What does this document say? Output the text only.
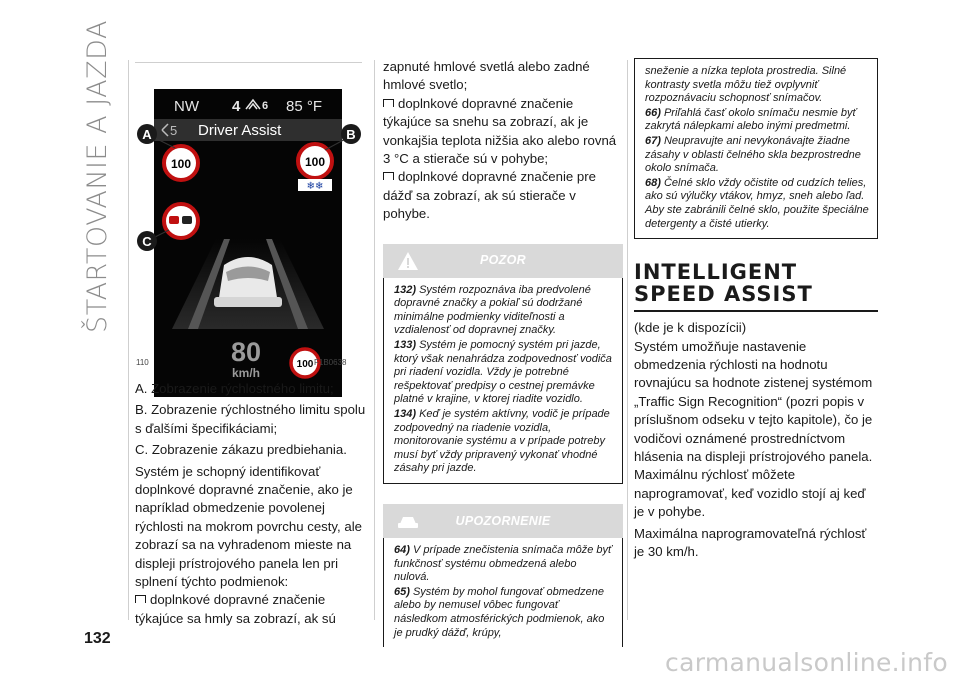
ŠTARTOVANIE A JAZDA	NW 4 6 85 °F
5 Driver Assist
100	100
❄❄
80
km/h
100
A	B
C
110	F1B0638

A. Zobrazenie rýchlostného limitu;

B. Zobrazenie rýchlostného limitu spolu s ďalšími špecifikáciami;

C. Zobrazenie zákazu predbiehania.

Systém je schopný identifikovať doplnkové dopravné značenie, ako je napríklad obmedzenie povolenej rýchlosti na mokrom povrchu cesty, ale zobrazí sa na vyhradenom mieste na displeji prístrojového panela len pri splnení týchto podmienok:

doplnkové dopravné značenie týkajúce sa hmly sa zobrazí, ak sú

zapnuté hmlové svetlá alebo zadné hmlové svetlo;

doplnkové dopravné značenie týkajúce sa snehu sa zobrazí, ak je vonkajšia teplota nižšia ako alebo rovná 3 °C a stierače sú v pohybe;

doplnkové dopravné značenie pre dážď sa zobrazí, ak sú stierače v pohybe.

POZOR

132) Systém rozpoznáva iba predvolené dopravné značky a pokiaľ sú dodržané minimálne podmienky viditeľnosti a vzdialenosť od dopravnej značky.

133) Systém je pomocný systém pri jazde, ktorý však nenahrádza zodpovednosť vodiča pri riadení vozidla. Vždy je potrebné rešpektovať predpisy o cestnej premávke platné v krajine, v ktorej riadite vozidlo.

134) Keď je systém aktívny, vodič je prípade zodpovedný na riadenie vozidla, monitorovanie systému a v prípade potreby musí byť vždy pripravený vykonať vhodné zásahy pri jazde.

UPOZORNENIE

64) V prípade znečistenia snímača môže byť funkčnosť systému obmedzená alebo nulová.

65) Systém by mohol fungovať obmedzene alebo by nemusel vôbec fungovať následkom atmosférických podmienok, ako je prudký dážď, krúpy,

sneženie a nízka teplota prostredia. Silné kontrasty svetla môžu tiež ovplyvniť rozpoznávaciu schopnosť snímačov.

66) Priľahlá časť okolo snímaču nesmie byť zakrytá nálepkami alebo inými predmetmi.

67) Neupravujte ani nevykonávajte žiadne zásahy v oblasti čelného skla bezprostredne okolo snímača.

68) Čelné sklo vždy očistite od cudzích telies, ako sú výlučky vtákov, hmyz, sneh alebo ľad. Aby ste zabránili čelné sklo, použite špeciálne detergenty a čisté utierky.

INTELLIGENT SPEED ASSIST

(kde je k dispozícii)

Systém umožňuje nastavenie obmedzenia rýchlosti na hodnotu rovnajúcu sa hodnote zistenej systémom „Traffic Sign Recognition“ (pozri popis v príslušnom odseku v tejto kapitole), čo je vodičovi oznámené prostredníctvom hlásenia na displeji prístrojového panela.

Maximálnu rýchlosť môžete naprogramovať, keď vozidlo stojí aj keď je v pohybe.

Maximálna naprogramovateľná rýchlosť je 30 km/h.

132
carmanualsonline.info
